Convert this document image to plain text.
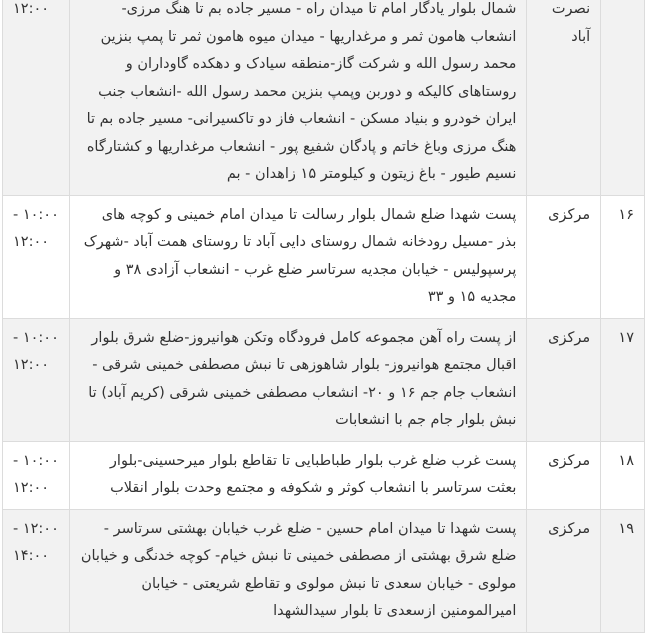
	نصرت آباد	شمال بلوار یادگار امام تا میدان راه - مسیر جاده بم تا هنگ مرزی- انشعاب هامون ثمر و مرغداریها - میدان میوه هامون ثمر تا پمپ بنزین محمد رسول الله و شرکت گاز-منطقه سیادک و دهکده گاوداران و روستاهای کالیکه و دوربن وپمپ بنزین محمد رسول الله -انشعاب جنب ایران خودرو و بنیاد مسکن - انشعاب فاز دو تاکسیرانی- مسیر جاده بم تا هنگ مرزی وباغ خاتم و پادگان شفیع پور - انشعاب مرغداریها و کشتارگاه نسیم طیور - باغ زیتون و کیلومتر ۱۵ زاهدان - بم	۱۲:۰۰

۱۶	مرکزی	پست شهدا ضلع شمال بلوار رسالت تا میدان امام خمینی و کوچه های بذر -مسیل رودخانه شمال روستای دایی آباد تا روستای همت آباد -شهرک پرسپولیس - خیابان مجدیه سرتاسر ضلع غرب - انشعاب آزادی ۳۸ و مجدیه ۱۵ و ۳۳	۱۰:۰۰ -
۱۲:۰۰

۱۷	مرکزی	از پست راه آهن مجموعه کامل فرودگاه وتکن هوانیروز-ضلع شرق بلوار اقبال مجتمع هوانیروز- بلوار شاهوزهی تا نبش مصطفی خمینی شرقی - انشعاب جام جم ۱۶ و ۲۰- انشعاب مصطفی خمینی شرقی (کریم آباد) تا نبش بلوار جام جم با انشعابات	۱۰:۰۰ -
۱۲:۰۰

۱۸	مرکزی	پست غرب ضلع غرب بلوار طباطبایی تا تقاطع بلوار میرحسینی-بلوار بعثت سرتاسر با انشعاب کوثر و شکوفه و مجتمع وحدت بلوار انقلاب	۱۰:۰۰ -
۱۲:۰۰

۱۹	مرکزی	پست شهدا تا میدان امام حسین - ضلع غرب خیابان بهشتی سرتاسر - ضلع شرق بهشتی از مصطفی خمینی تا نبش خیام- کوچه خدنگی و خیابان مولوی - خیابان سعدی تا نبش مولوی و تقاطع شریعتی - خیابان امیرالمومنین ازسعدی تا بلوار سیدالشهدا	۱۲:۰۰ -
۱۴:۰۰
